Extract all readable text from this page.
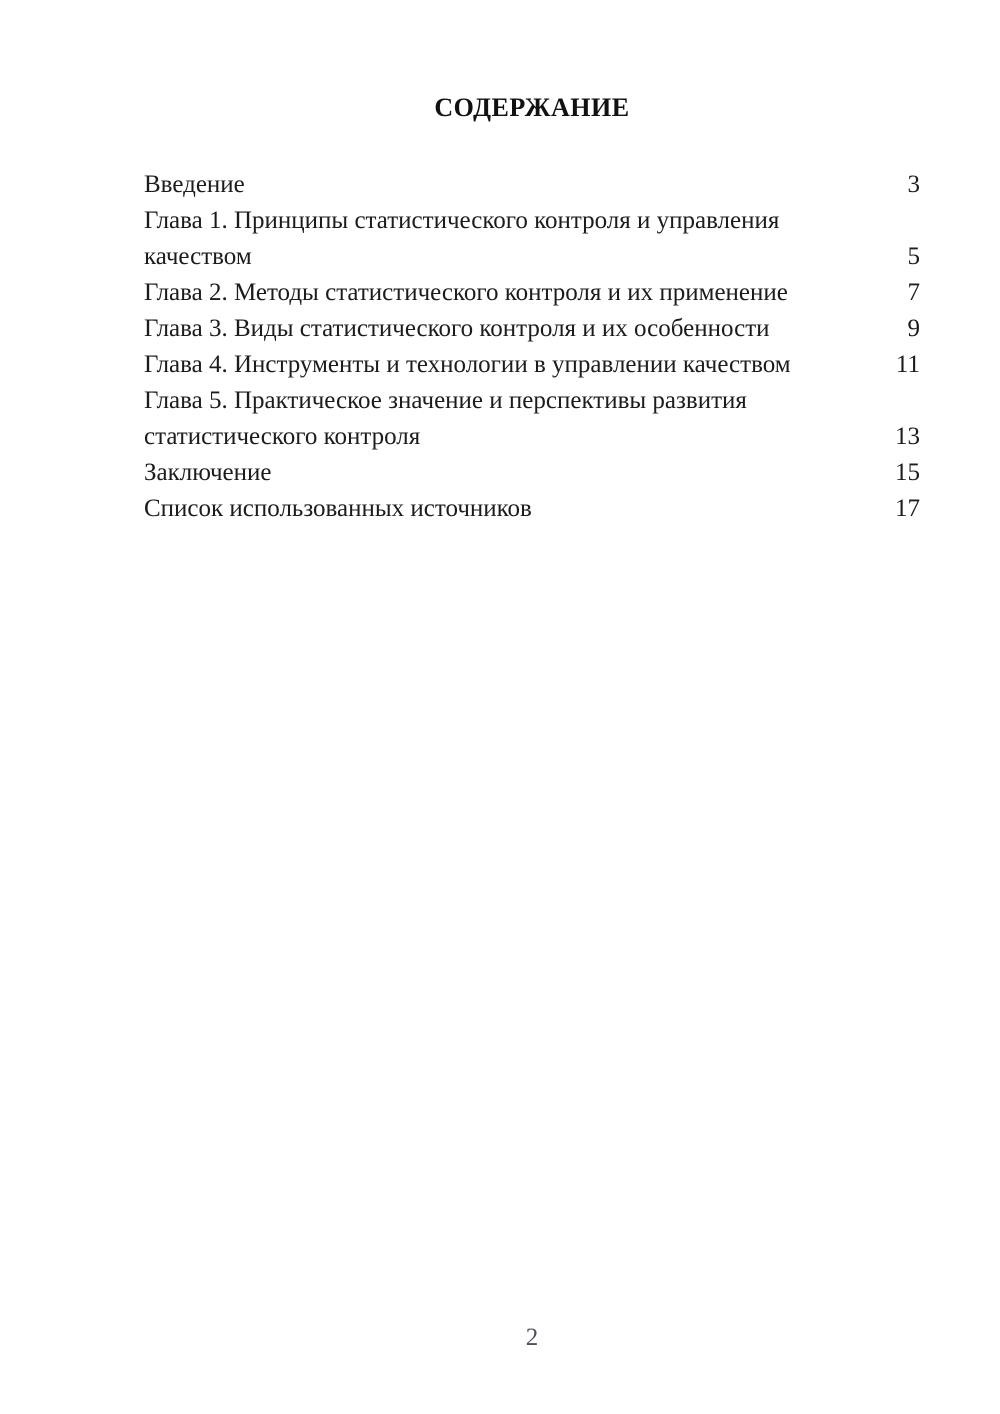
СОДЕРЖАНИЕ
Введение	3
Глава 1. Принципы статистического контроля и управления качеством	5
Глава 2. Методы статистического контроля и их применение	7
Глава 3. Виды статистического контроля и их особенности	9
Глава 4. Инструменты и технологии в управлении качеством	11
Глава 5. Практическое значение и перспективы развития статистического контроля	13
Заключение	15
Список использованных источников	17
2
